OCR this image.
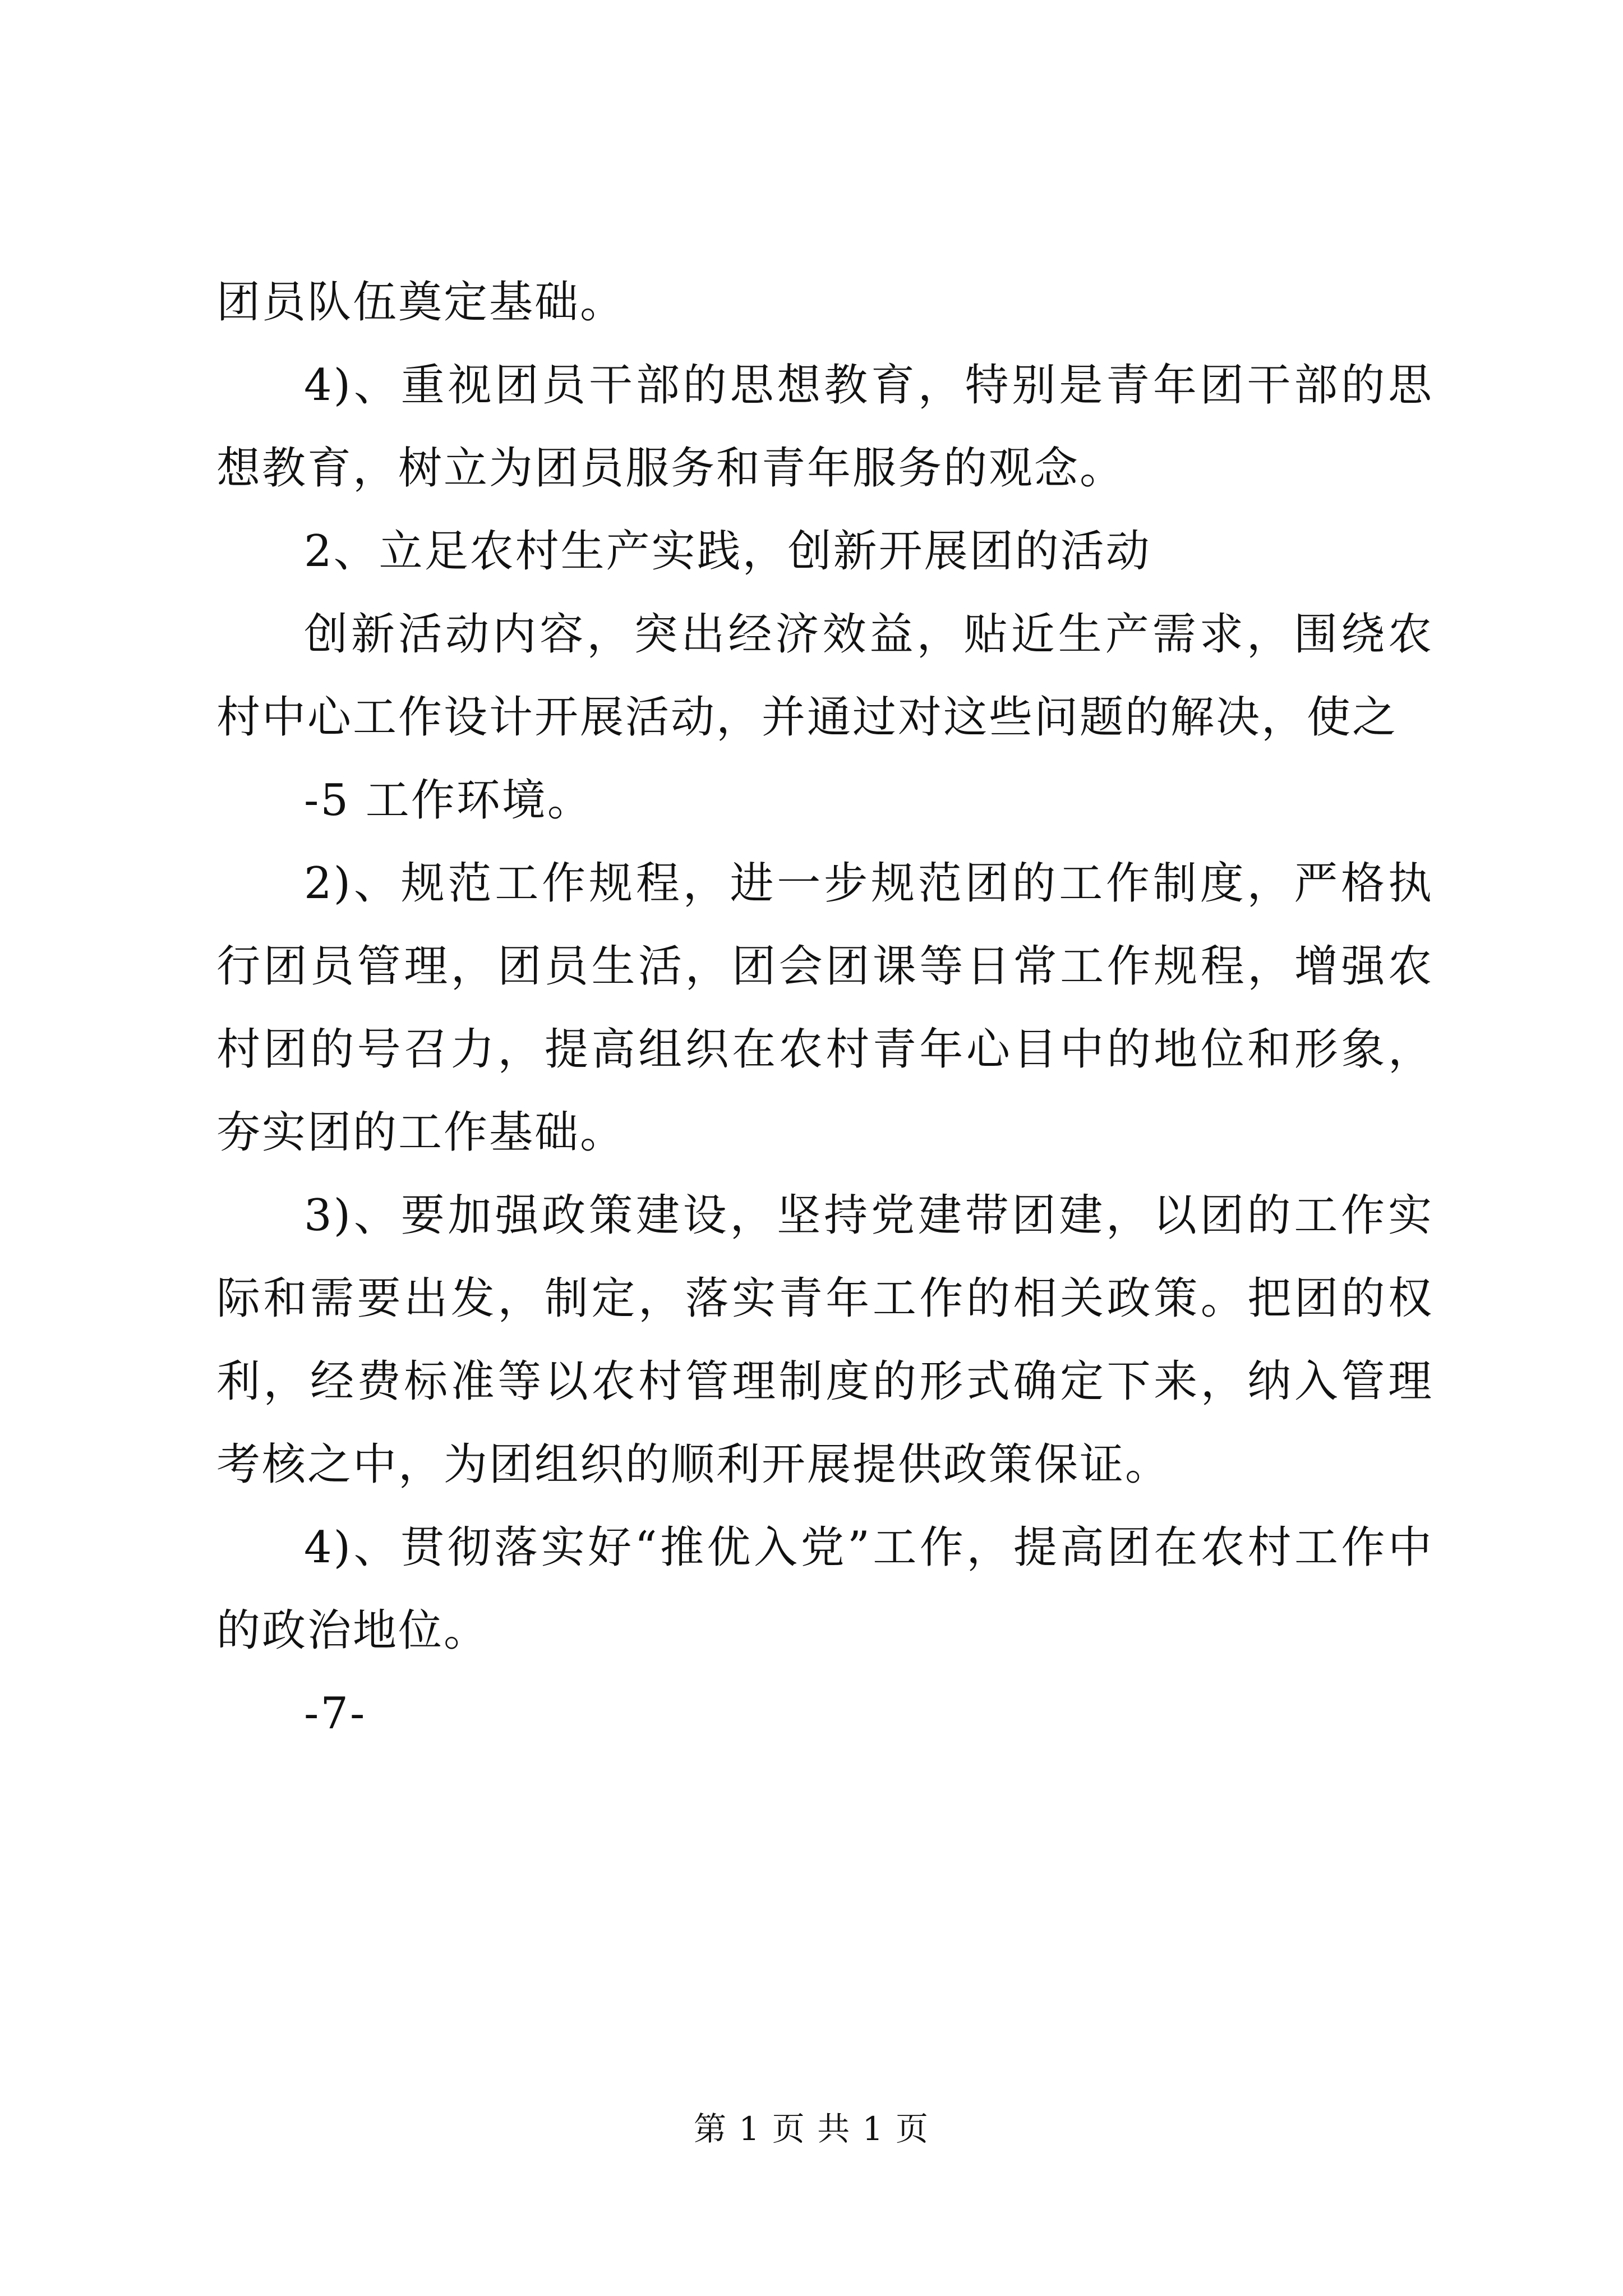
团员队伍奠定基础。

4)、重视团员干部的思想教育，特别是青年团干部的思想教育，树立为团员服务和青年服务的观念。

2、立足农村生产实践，创新开展团的活动

创新活动内容，突出经济效益，贴近生产需求，围绕农村中心工作设计开展活动，并通过对这些问题的解决，使之

-5 工作环境。

2)、规范工作规程，进一步规范团的工作制度，严格执行团员管理，团员生活，团会团课等日常工作规程，增强农村团的号召力，提高组织在农村青年心目中的地位和形象，夯实团的工作基础。

3)、要加强政策建设，坚持党建带团建，以团的工作实际和需要出发，制定，落实青年工作的相关政策。把团的权利，经费标准等以农村管理制度的形式确定下来，纳入管理考核之中，为团组织的顺利开展提供政策保证。

4)、贯彻落实好“推优入党”工作，提高团在农村工作中的政治地位。

-7-

第 1 页 共 1 页
